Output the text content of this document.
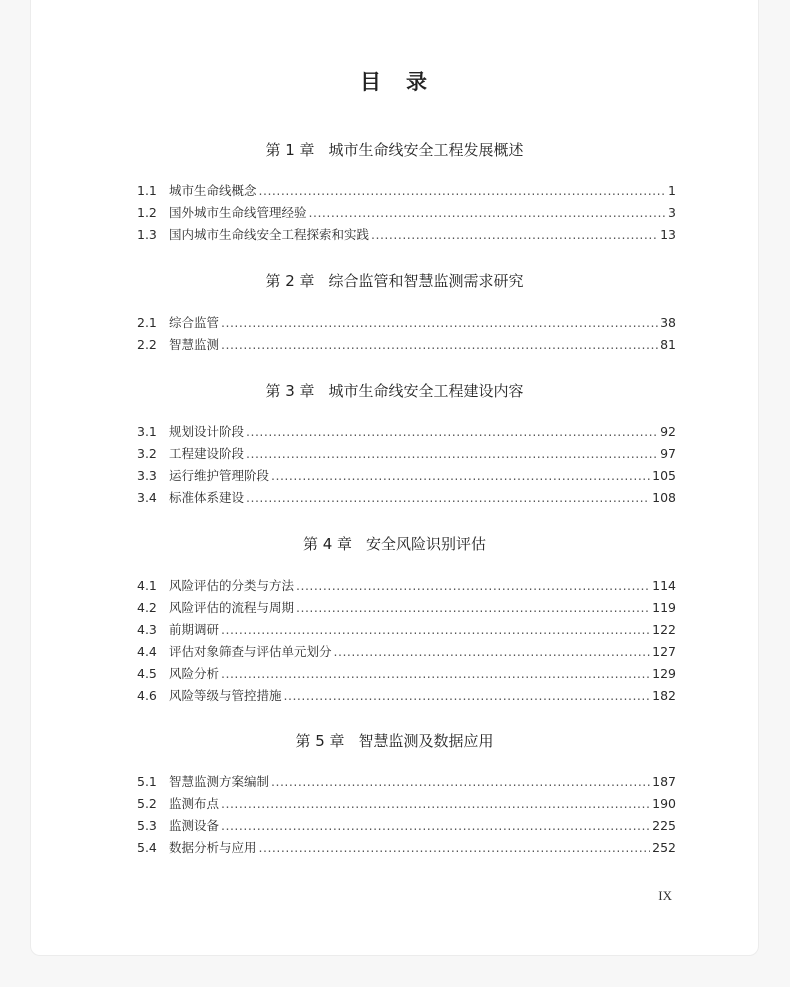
目　录
第 1 章 城市生命线安全工程发展概述
1.1 城市生命线概念 .....	1
1.2 国外城市生命线管理经验 .....	3
1.3 国内城市生命线安全工程探索和实践 .....	13
第 2 章 综合监管和智慧监测需求研究
2.1 综合监管 .....	38
2.2 智慧监测 .....	81
第 3 章 城市生命线安全工程建设内容
3.1 规划设计阶段 .....	92
3.2 工程建设阶段 .....	97
3.3 运行维护管理阶段 .....	105
3.4 标准体系建设 .....	108
第 4 章 安全风险识别评估
4.1 风险评估的分类与方法 .....	114
4.2 风险评估的流程与周期 .....	119
4.3 前期调研 .....	122
4.4 评估对象筛查与评估单元划分 .....	127
4.5 风险分析 .....	129
4.6 风险等级与管控措施 .....	182
第 5 章 智慧监测及数据应用
5.1 智慧监测方案编制 .....	187
5.2 监测布点 .....	190
5.3 监测设备 .....	225
5.4 数据分析与应用 .....	252
IX
